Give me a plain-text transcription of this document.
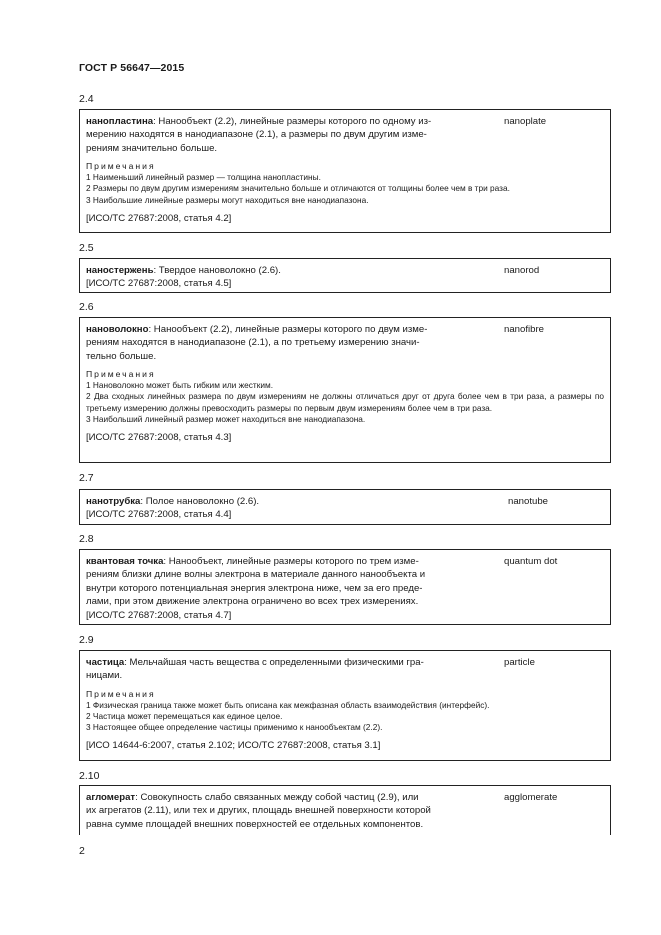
ГОСТ Р 56647—2015
2.4
нанопластина: Нанообъект (2.2), линейные размеры которого по одному из-
мерению находятся в нанодиапазоне (2.1), а размеры по двум другим изме-
рениям значительно больше.
nanoplate
Примечания
1 Наименьший линейный размер — толщина нанопластины.
2 Размеры по двум другим измерениям значительно больше и отличаются от толщины более чем в три раза.
3 Наибольшие линейные размеры могут находиться вне нанодиапазона.
[ИСО/ТС 27687:2008, статья 4.2]
2.5
наностержень: Твердое нановолокно (2.6).	nanorod
[ИСО/ТС 27687:2008, статья 4.5]
2.6
нановолокно: Нанообъект (2.2), линейные размеры которого по двум изме-
рениям находятся в нанодиапазоне (2.1), а по третьему измерению значи-
тельно больше.
nanofibre
Примечания
1 Нановолокно может быть гибким или жестким.
2 Два сходных линейных размера по двум измерениям не должны отличаться друг от друга более чем в три раза, а размеры по третьему измерению должны превосходить размеры по первым двум измерениям более чем в три раза.
3 Наибольший линейный размер может находиться вне нанодиапазона.
[ИСО/ТС 27687:2008, статья 4.3]
2.7
нанотрубка: Полое нановолокно (2.6).	nanotube
[ИСО/ТС 27687:2008, статья 4.4]
2.8
квантовая точка: Нанообъект, линейные размеры которого по трем изме-
рениям близки длине волны электрона в материале данного нанообъекта и
внутри которого потенциальная энергия электрона ниже, чем за его преде-
лами, при этом движение электрона ограничено во всех трех измерениях.
quantum dot
[ИСО/ТС 27687:2008, статья 4.7]
2.9
частица: Мельчайшая часть вещества с определенными физическими гра-
ницами.
particle
Примечания
1 Физическая граница также может быть описана как межфазная область взаимодействия (интерфейс).
2 Частица может перемещаться как единое целое.
3 Настоящее общее определение частицы применимо к нанообъектам (2.2).
[ИСО 14644-6:2007, статья 2.102; ИСО/ТС 27687:2008, статья 3.1]
2.10
агломерат: Совокупность слабо связанных между собой частиц (2.9), или
их агрегатов (2.11), или тех и других, площадь внешней поверхности которой
равна сумме площадей внешних поверхностей ее отдельных компонентов.
agglomerate
2
